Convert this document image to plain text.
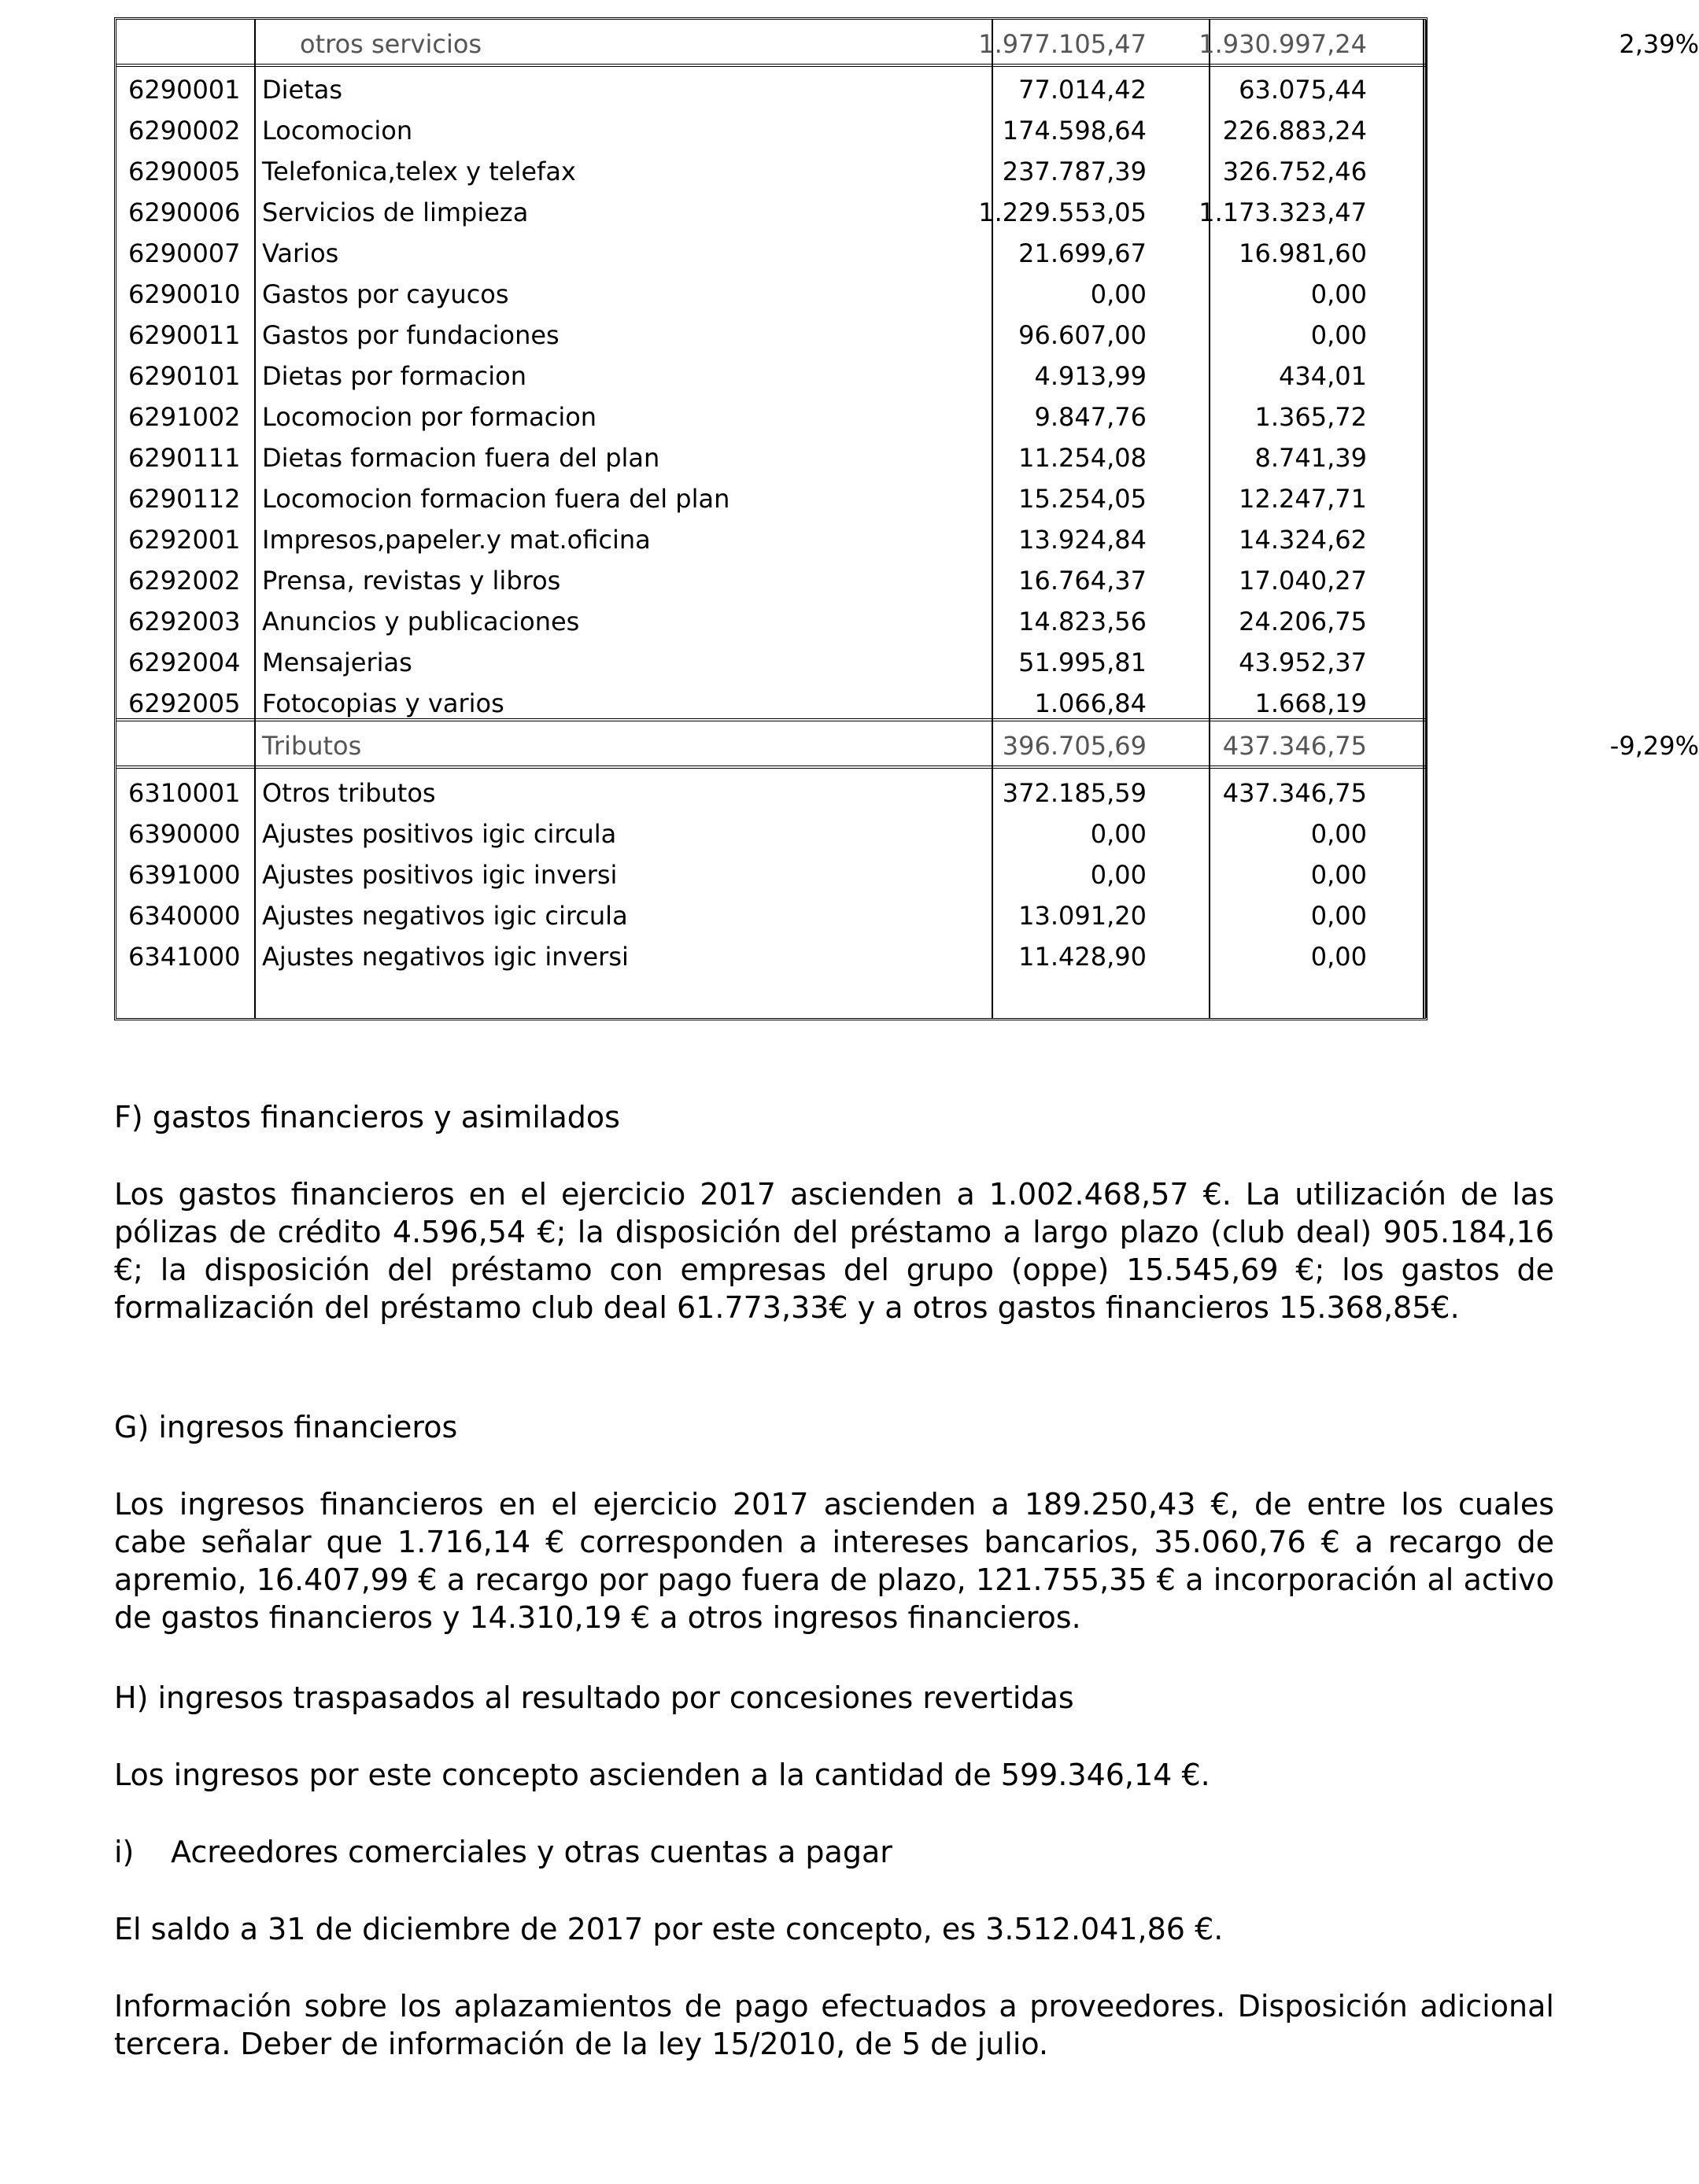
otros servicios	1.977.105,47	1.930.997,24	2,39%
6290001 Dietas	77.014,42	63.075,44
6290002 Locomocion	174.598,64	226.883,24
6290005 Telefonica,telex y telefax	237.787,39	326.752,46
6290006 Servicios de limpieza	1.229.553,05	1.173.323,47
6290007 Varios	21.699,67	16.981,60
6290010 Gastos por cayucos	0,00	0,00
6290011 Gastos por fundaciones	96.607,00	0,00
6290101 Dietas por formacion	4.913,99	434,01
6291002 Locomocion por formacion	9.847,76	1.365,72
6290111 Dietas formacion fuera del plan	11.254,08	8.741,39
6290112 Locomocion formacion fuera del plan	15.254,05	12.247,71
6292001 Impresos,papeler.y mat.oficina	13.924,84	14.324,62
6292002 Prensa, revistas y libros	16.764,37	17.040,27
6292003 Anuncios y publicaciones	14.823,56	24.206,75
6292004 Mensajerias	51.995,81	43.952,37
6292005 Fotocopias y varios	1.066,84	1.668,19
Tributos	396.705,69	437.346,75	-9,29%
6310001 Otros tributos	372.185,59	437.346,75
6390000 Ajustes positivos igic circula	0,00	0,00
6391000 Ajustes positivos igic inversi	0,00	0,00
6340000 Ajustes negativos igic circula	13.091,20	0,00
6341000 Ajustes negativos igic inversi	11.428,90	0,00
F) gastos financieros y asimilados

Los gastos financieros en el ejercicio 2017 ascienden a 1.002.468,57 €. La utilización de las pólizas de crédito 4.596,54 €; la disposición del préstamo a largo plazo (club deal) 905.184,16 €; la disposición del préstamo con empresas del grupo (oppe) 15.545,69 €; los gastos de formalización del préstamo club deal 61.773,33€ y a otros gastos financieros 15.368,85€.

G) ingresos financieros

Los ingresos financieros en el ejercicio 2017 ascienden a 189.250,43 €, de entre los cuales cabe señalar que 1.716,14 € corresponden a intereses bancarios, 35.060,76 € a recargo de apremio, 16.407,99 € a recargo por pago fuera de plazo, 121.755,35 € a incorporación al activo de gastos financieros y 14.310,19 € a otros ingresos financieros.

H) ingresos traspasados al resultado por concesiones revertidas

Los ingresos por este concepto ascienden a la cantidad de 599.346,14 €.

i) Acreedores comerciales y otras cuentas a pagar

El saldo a 31 de diciembre de 2017 por este concepto, es 3.512.041,86 €.

Información sobre los aplazamientos de pago efectuados a proveedores. Disposición adicional tercera. Deber de información de la ley 15/2010, de 5 de julio.
